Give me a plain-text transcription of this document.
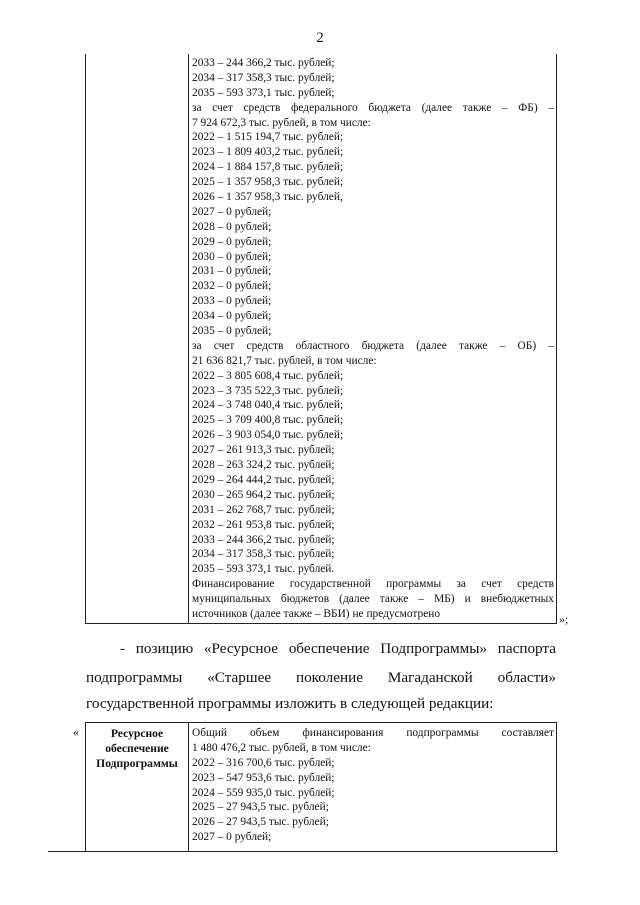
2
2033 – 244 366,2 тыс. рублей;
2034 – 317 358,3 тыс. рублей;
2035 – 593 373,1 тыс. рублей;
за счет средств федерального бюджета (далее также – ФБ) –
7 924 672,3 тыс. рублей, в том числе:
2022 – 1 515 194,7 тыс. рублей;
2023 – 1 809 403,2 тыс. рублей;
2024 – 1 884 157,8 тыс. рублей;
2025 – 1 357 958,3 тыс. рублей;
2026 – 1 357 958,3 тыс. рублей,
2027 – 0 рублей;
2028 – 0 рублей;
2029 – 0 рублей;
2030 – 0 рублей;
2031 – 0 рублей;
2032 – 0 рублей;
2033 – 0 рублей;
2034 – 0 рублей;
2035 – 0 рублей;
за счет средств областного бюджета (далее также – ОБ) –
21 636 821,7 тыс. рублей, в том числе:
2022 – 3 805 608,4 тыс. рублей;
2023 – 3 735 522,3 тыс. рублей;
2024 – 3 748 040,4 тыс. рублей;
2025 – 3 709 400,8 тыс. рублей;
2026 – 3 903 054,0 тыс. рублей;
2027 – 261 913,3 тыс. рублей;
2028 – 263 324,2 тыс. рублей;
2029 – 264 444,2 тыс. рублей;
2030 – 265 964,2 тыс. рублей;
2031 – 262 768,7 тыс. рублей;
2032 – 261 953,8 тыс. рублей;
2033 – 244 366,2 тыс. рублей;
2034 – 317 358,3 тыс. рублей;
2035 – 593 373,1 тыс. рублей.
Финансирование государственной программы за счет средств
муниципальных бюджетов (далее также – МБ) и внебюджетных
источников (далее также – ВБИ) не предусмотрено	»;
- позицию «Ресурсное обеспечение Подпрограммы» паспорта
подпрограммы «Старшее поколение Магаданской области»
государственной программы изложить в следующей редакции:
«	Ресурсное
обеспечение
Подпрограммы
Общий объем финансирования подпрограммы составляет
1 480 476,2 тыс. рублей, в том числе:
2022 – 316 700,6 тыс. рублей;
2023 – 547 953,6 тыс. рублей;
2024 – 559 935,0 тыс. рублей;
2025 – 27 943,5 тыс. рублей;
2026 – 27 943,5 тыс. рублей;
2027 – 0 рублей;
